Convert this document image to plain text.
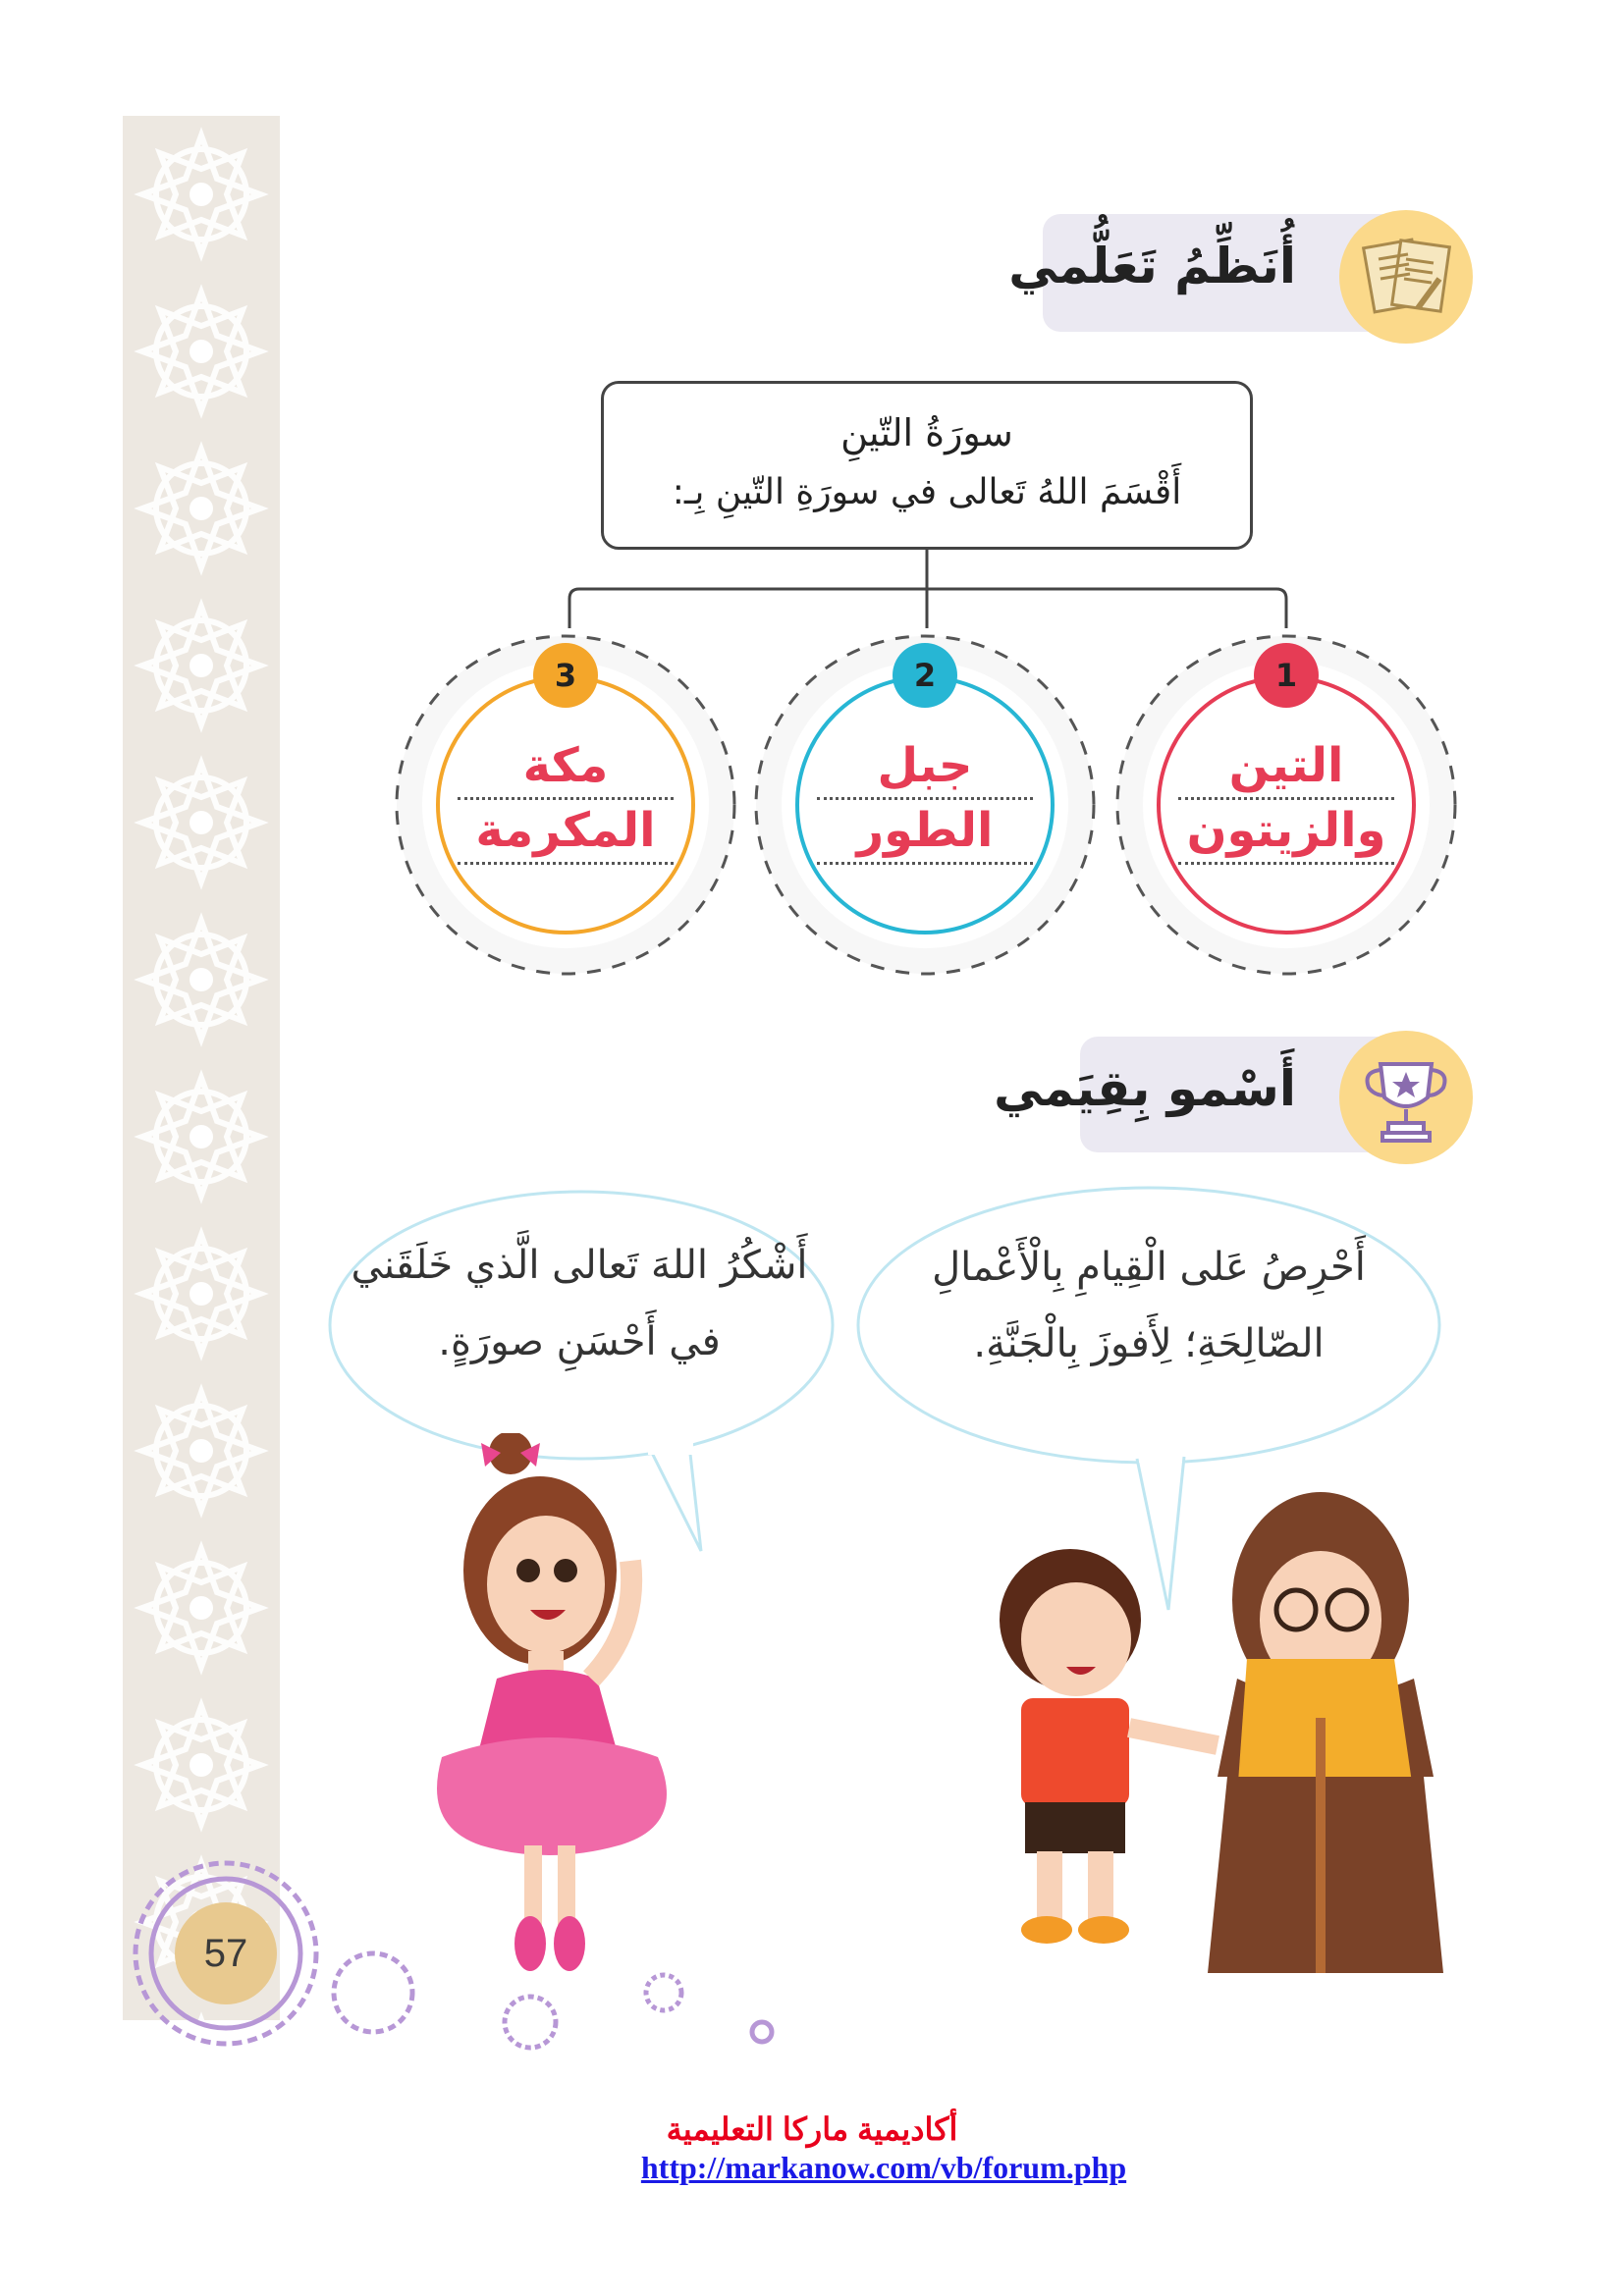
أُنَظِّمُ تَعَلُّمي
سورَةُ التّينِ
أَقْسَمَ اللهُ تَعالى في سورَةِ التّينِ بِـ:
1
التين
والزيتون
2
جبل
الطور
3
مكة
المكرمة
أَسْمو بِقِيَمي
أَحْرِصُ عَلى الْقِيامِ بِالْأَعْمالِ
الصّالِحَةِ؛ لِأَفوزَ بِالْجَنَّةِ.
أَشْكُرُ اللهَ تَعالى الَّذي خَلَقَني
في أَحْسَنِ صورَةٍ.
57
أكاديمية ماركا التعليمية
http://markanow.com/vb/forum.php
